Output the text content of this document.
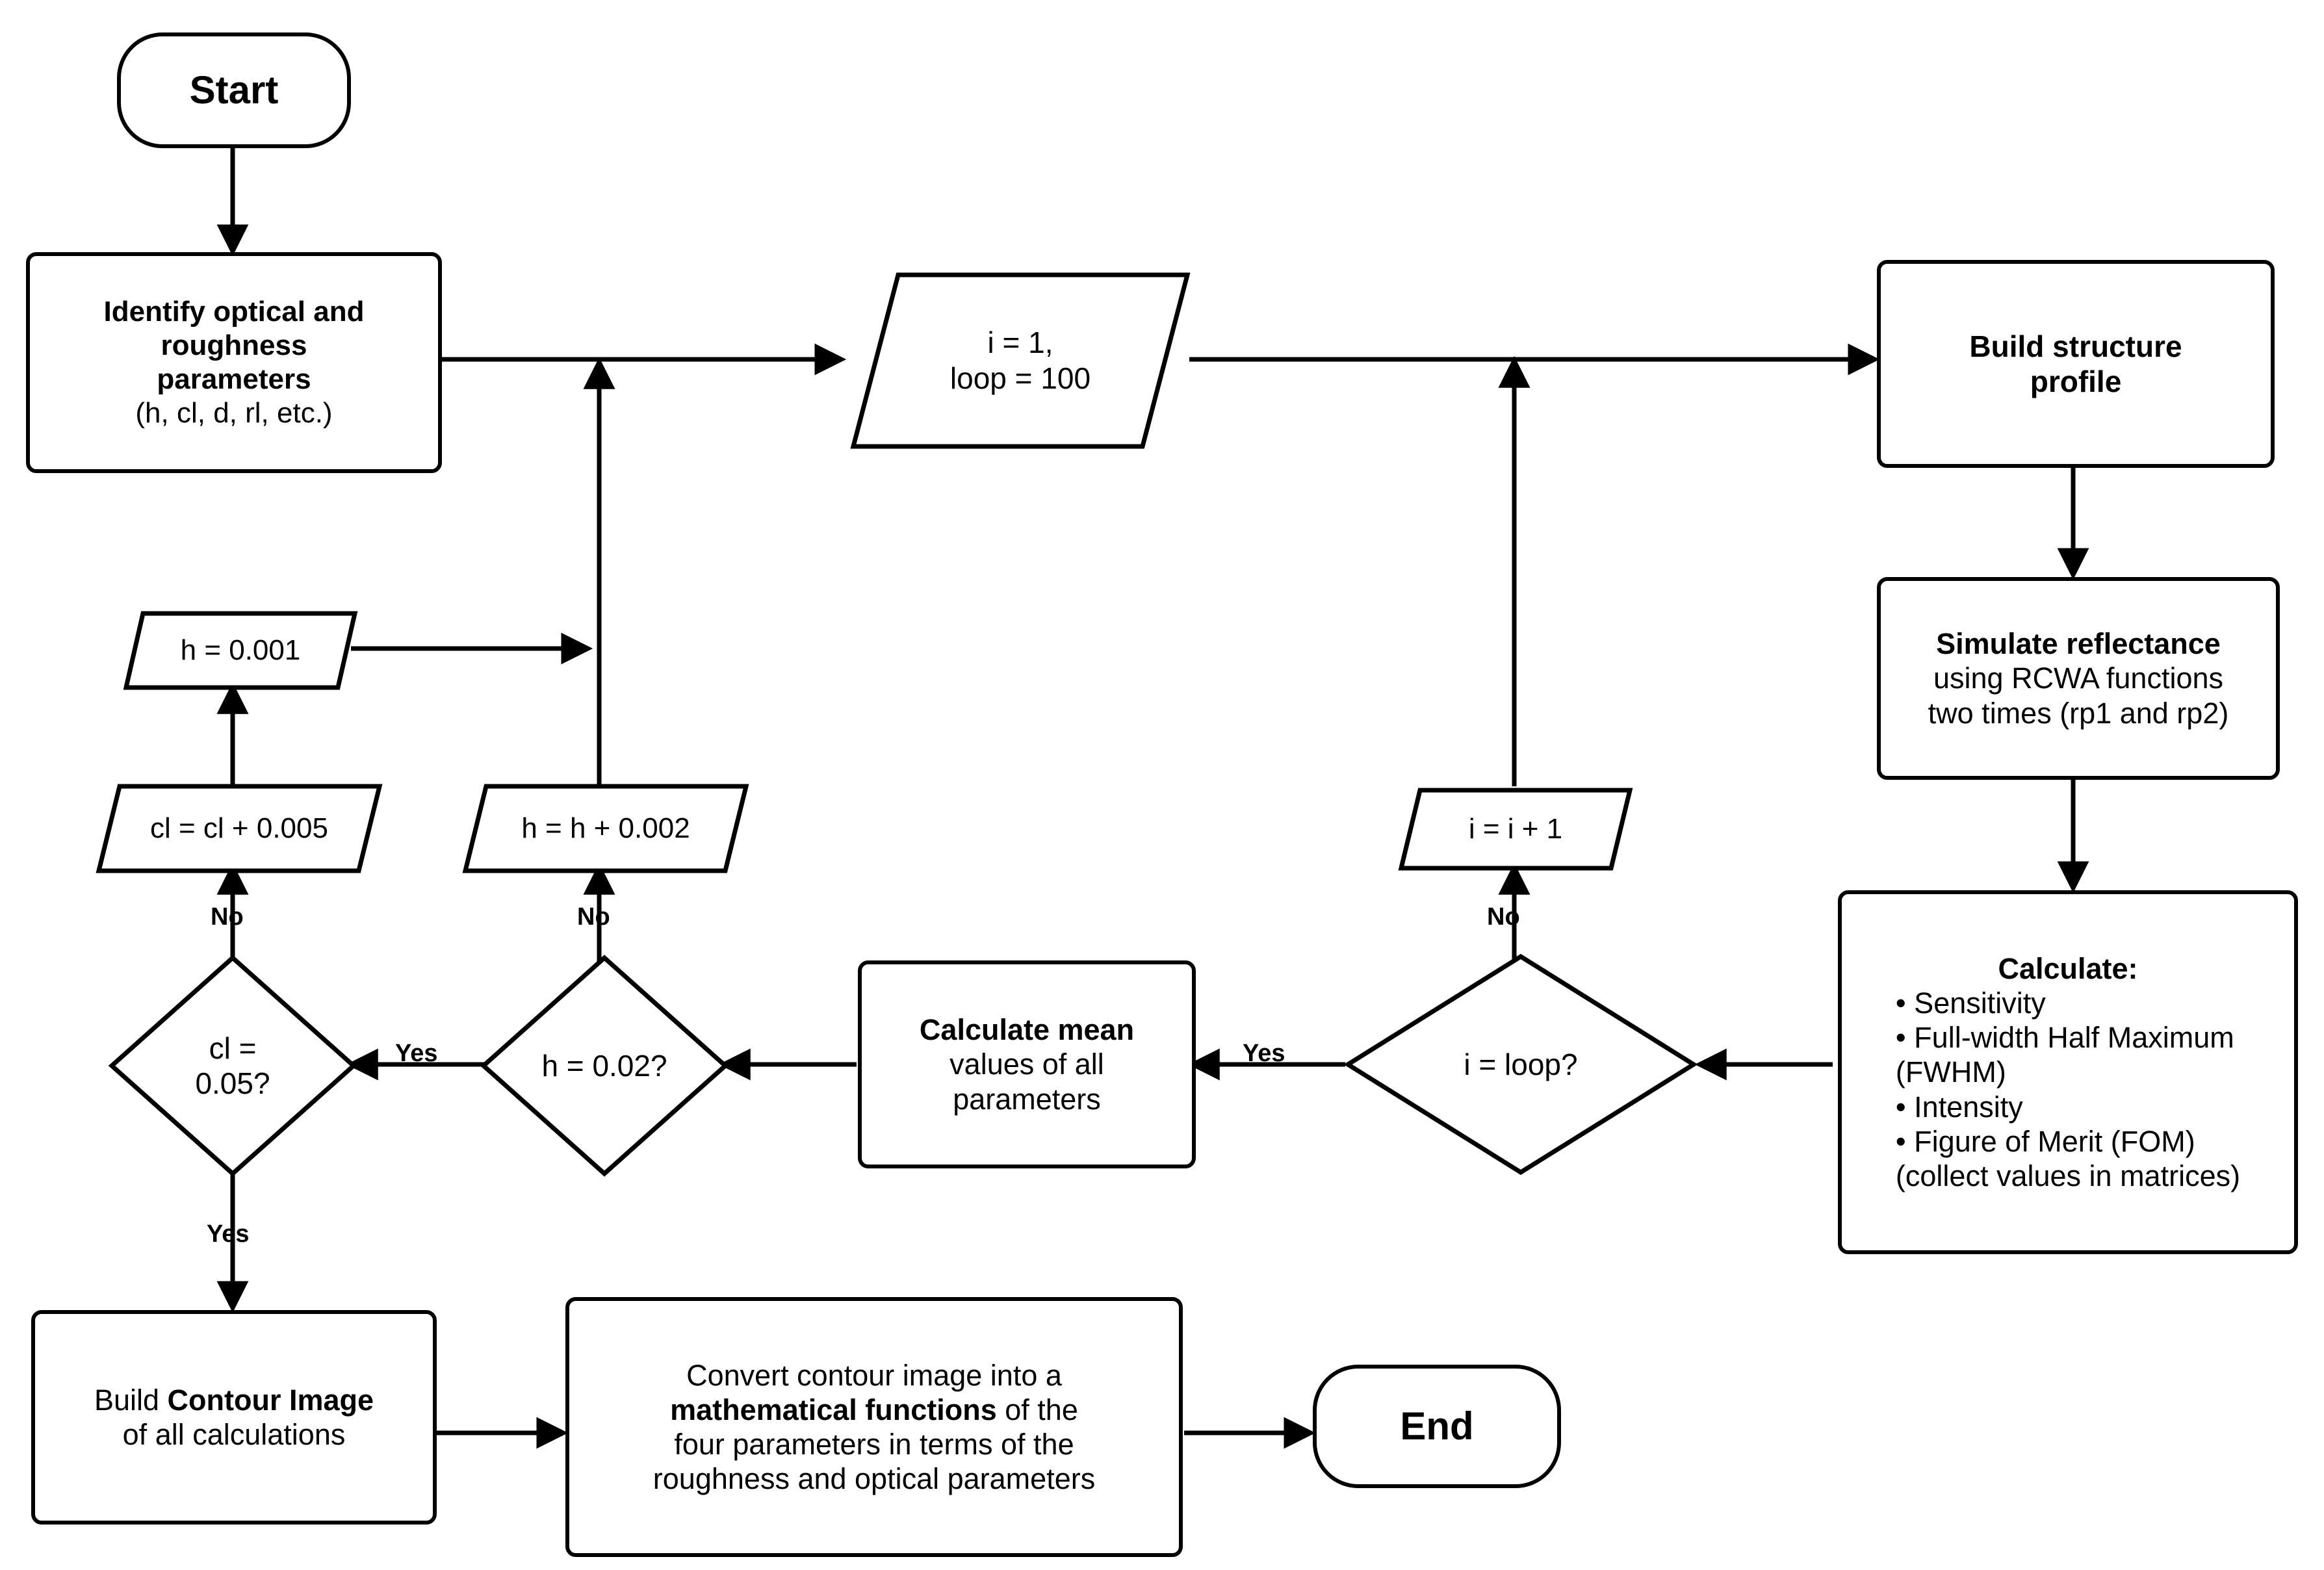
Start
Identify optical and
roughness
parameters
(h, cl, d, rl, etc.)
i = 1,
loop = 100
Build structure
profile
Simulate reflectance
using RCWA functions
two times (rp1 and rp2)
Calculate:
• Sensitivity
• Full-width Half Maximum
(FWHM)
• Intensity
• Figure of Merit (FOM)
(collect values in matrices)
i = loop?
i = i + 1
Calculate mean
values of all
parameters
h = 0.02?
h = h + 0.002
cl =
0.05?
cl = cl + 0.005
h = 0.001
Build Contour Image
of all calculations
Convert contour image into a
mathematical functions of the
four parameters in terms of the
roughness and optical parameters
End
No
Yes
No
Yes
No
Yes
